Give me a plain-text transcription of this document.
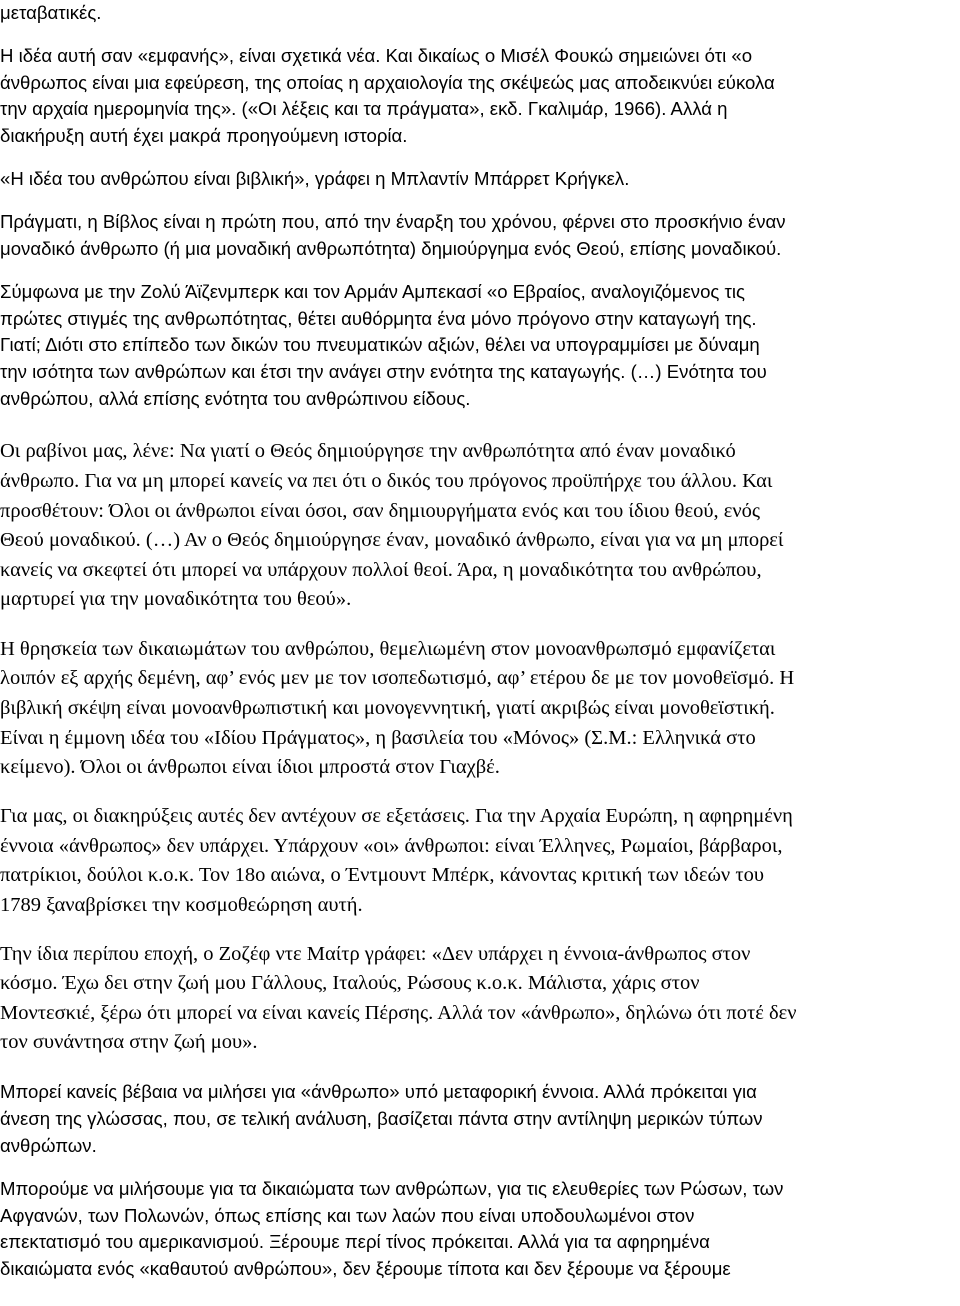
μεταβατικές.
Η ιδέα αυτή σαν «εμφανής», είναι σχετικά νέα. Και δικαίως ο Μισέλ Φουκώ σημειώνει ότι «ο
άνθρωπος είναι μια εφεύρεση, της οποίας η αρχαιολογία της σκέψεώς μας αποδεικνύει εύκολα
την αρχαία ημερομηνία της». («Οι λέξεις και τα πράγματα», εκδ. Γκαλιμάρ, 1966). Αλλά η
διακήρυξη αυτή έχει μακρά προηγούμενη ιστορία.
«Η ιδέα του ανθρώπου είναι βιβλική», γράφει η Μπλαντίν Μπάρρετ Κρήγκελ.
Πράγματι, η Βίβλος είναι η πρώτη που, από την έναρξη του χρόνου, φέρνει στο προσκήνιο έναν
μοναδικό άνθρωπο (ή μια μοναδική ανθρωπότητα) δημιούργημα ενός Θεού, επίσης μοναδικού.
Σύμφωνα με την Ζολύ Άϊζενμπερκ και τον Αρμάν Αμπεκασί «ο Εβραίος, αναλογιζόμενος τις
πρώτες στιγμές της ανθρωπότητας, θέτει αυθόρμητα ένα μόνο πρόγονο στην καταγωγή της.
Γιατί; Διότι στο επίπεδο των δικών του πνευματικών αξιών, θέλει να υπογραμμίσει με δύναμη
την ισότητα των ανθρώπων και έτσι την ανάγει στην ενότητα της καταγωγής. (…) Ενότητα του
ανθρώπου, αλλά επίσης ενότητα του ανθρώπινου είδους.
Οι ραβίνοι μας, λένε: Να γιατί ο Θεός δημιούργησε την ανθρωπότητα από έναν μοναδικό
άνθρωπο. Για να μη μπορεί κανείς να πει ότι ο δικός του πρόγονος προϋπήρχε του άλλου. Και
προσθέτουν: Όλοι οι άνθρωποι είναι όσοι, σαν δημιουργήματα ενός και του ίδιου θεού, ενός
Θεού μοναδικού. (…) Αν ο Θεός δημιούργησε έναν, μοναδικό άνθρωπο, είναι για να μη μπορεί
κανείς να σκεφτεί ότι μπορεί να υπάρχουν πολλοί θεοί. Άρα, η μοναδικότητα του ανθρώπου,
μαρτυρεί για την μοναδικότητα του θεού».
Η θρησκεία των δικαιωμάτων του ανθρώπου, θεμελιωμένη στον μονοανθρωπσμό εμφανίζεται
λοιπόν εξ αρχής δεμένη, αφ’ ενός μεν με τον ισοπεδωτισμό, αφ’ ετέρου δε με τον μονοθεϊσμό. Η
βιβλική σκέψη είναι μονοανθρωπιστική και μονογεννητική, γιατί ακριβώς είναι μονοθεϊστική.
Είναι η έμμονη ιδέα του «Ιδίου Πράγματος», η βασιλεία του «Μόνος» (Σ.Μ.: Ελληνικά στο
κείμενο). Όλοι οι άνθρωποι είναι ίδιοι μπροστά στον Γιαχβέ.
Για μας, οι διακηρύξεις αυτές δεν αντέχουν σε εξετάσεις. Για την Αρχαία Ευρώπη, η αφηρημένη
έννοια «άνθρωπος» δεν υπάρχει. Υπάρχουν «οι» άνθρωποι: είναι Έλληνες, Ρωμαίοι, βάρβαροι,
πατρίκιοι, δούλοι κ.ο.κ. Τον 18ο αιώνα, ο Έντμουντ Μπέρκ, κάνοντας κριτική των ιδεών του
1789 ξαναβρίσκει την κοσμοθεώρηση αυτή.
Την ίδια περίπου εποχή, ο Ζοζέφ ντε Μαίτρ γράφει: «Δεν υπάρχει η έννοια-άνθρωπος στον
κόσμο. Έχω δει στην ζωή μου Γάλλους, Ιταλούς, Ρώσους κ.ο.κ. Μάλιστα, χάρις στον
Μοντεσκιέ, ξέρω ότι μπορεί να είναι κανείς Πέρσης. Αλλά τον «άνθρωπο», δηλώνω ότι ποτέ δεν
τον συνάντησα στην ζωή μου».
Μπορεί κανείς βέβαια να μιλήσει για «άνθρωπο» υπό μεταφορική έννοια. Αλλά πρόκειται για
άνεση της γλώσσας, που, σε τελική ανάλυση, βασίζεται πάντα στην αντίληψη μερικών τύπων
ανθρώπων.
Μπορούμε να μιλήσουμε για τα δικαιώματα των ανθρώπων, για τις ελευθερίες των Ρώσων, των
Αφγανών, των Πολωνών, όπως επίσης και των λαών που είναι υποδουλωμένοι στον
επεκτατισμό του αμερικανισμού. Ξέρουμε περί τίνος πρόκειται. Αλλά για τα αφηρημένα
δικαιώματα ενός «καθαυτού ανθρώπου», δεν ξέρουμε τίποτα και δεν ξέρουμε να ξέρουμε
